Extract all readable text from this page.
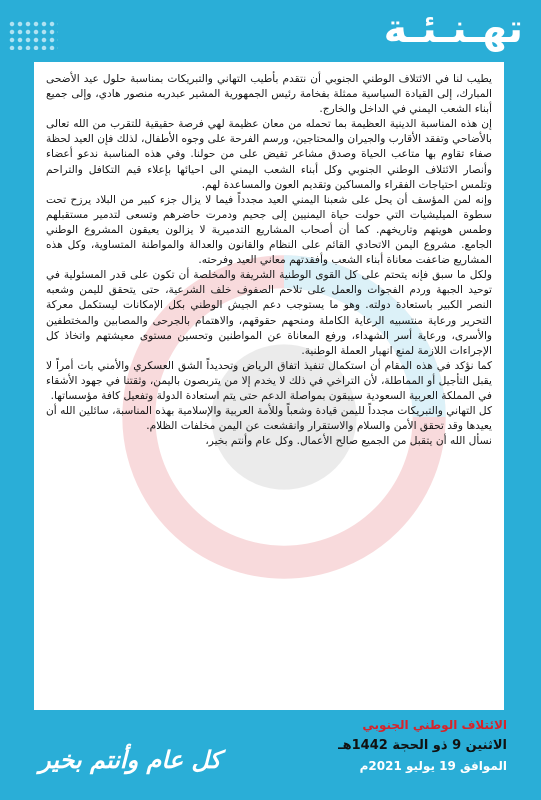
تهـنـئـة

يطيب لنا في الائتلاف الوطني الجنوبي أن نتقدم بأطيب التهاني والتبريكات بمناسبة حلول عيد الأضحى المبارك، إلى القيادة السياسية ممثلة بفخامة رئيس الجمهورية المشير عبدربه منصور هادي، وإلى جميع أبناء الشعب اليمني في الداخل والخارج.

إن هذه المناسبة الدينية العظيمة بما تحمله من معان عظيمة لهي فرصة حقيقية للتقرب من الله تعالى بالأضاحي وتفقد الأقارب والجيران والمحتاجين، ورسم الفرحة على وجوه الأطفال، لذلك فإن العيد لحظة صفاء تقاوم بها متاعب الحياة وصدق مشاعر تفيض على من حولنا. وفي هذه المناسبة ندعو أعضاء وأنصار الائتلاف الوطني الجنوبي وكل أبناء الشعب اليمني الى احيائها بإعلاء قيم التكافل والتراحم وتلمس احتياجات الفقراء والمساكين وتقديم العون والمساعدة لهم.

وإنه لمن المؤسف أن يحل على شعبنا اليمني العيد مجدداً فيما لا يزال جزء كبير من البلاد يرزح تحت سطوة الميليشيات التي حولت حياة اليمنيين إلى جحيم ودمرت حاضرهم وتسعى لتدمير مستقبلهم وطمس هويتهم وتاريخهم. كما أن أصحاب المشاريع التدميرية لا يزالون يعيقون المشروع الوطني الجامع. مشروع اليمن الاتحادي القائم على النظام والقانون والعدالة والمواطنة المتساوية، وكل هذه المشاريع ضاعفت معاناة أبناء الشعب وأفقدتهم معاني العيد وفرحته.

ولكل ما سبق فإنه يتحتم على كل القوى الوطنية الشريفة والمخلصة أن تكون على قدر المسئولية في توحيد الجبهة وردم الفجوات والعمل على تلاحم الصفوف خلف الشرعية، حتى يتحقق لليمن وشعبه النصر الكبير باستعادة دولته. وهو ما يستوجب دعم الجيش الوطني بكل الإمكانات ليستكمل معركة التحرير ورعاية منتسبيه الرعاية الكاملة ومنحهم حقوقهم، والاهتمام بالجرحى والمصابين والمختطفين والأسرى، ورعاية أسر الشهداء، ورفع المعاناة عن المواطنين وتحسين مستوى معيشتهم واتخاذ كل الإجراءات اللازمة لمنع انهيار العملة الوطنية.

كما نؤكد في هذه المقام أن استكمال تنفيذ اتفاق الرياض وتحديداً الشق العسكري والأمني بات أمراً لا يقبل التأجيل أو المماطلة، لأن التراخي في ذلك لا يخدم إلا من يتربصون باليمن، وثقتنا في جهود الأشقاء في المملكة العربية السعودية سيبقون بمواصلة الدعم حتى يتم استعادة الدولة وتفعيل كافة مؤسساتها.

كل التهاني والتبريكات مجدداً لليمن قيادة وشعباً وللأمة العربية والإسلامية بهذه المناسبة، سائلين الله أن يعيدها وقد تحقق الأمن والسلام والاستقرار وانقشعت عن اليمن مخلفات الظلام.

نسأل الله أن يتقبل من الجميع صالح الأعمال. وكل عام وأنتم بخير،

الائتلاف الوطني الجنوبي
الاثنين 9 ذو الحجة 1442هـ
الموافق 19 يوليو 2021م
كل عام وأنتم بخير
